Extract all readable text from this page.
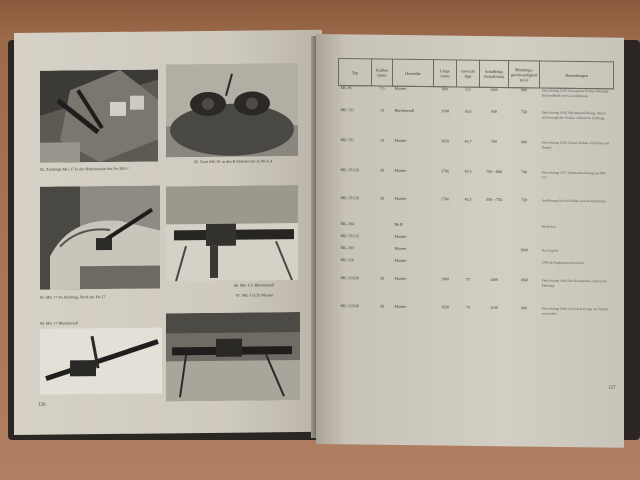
82. Zwillings-MG 17 in der Bodenwanne der Fw 200 C
83. Zwei MG 81 in den B-Ständen der Ju 88 A-4
85. MG 17 im Drehring, Heck der Do 17
86. MG 151 Rheinmetall
87. MG 151/20 Mauser
84. MG 17 Rheinmetall
126
127
Typ	Kaliber (mm)	Hersteller	Länge (mm)	Gewicht (kg)	Schußfolge (Schuß/min)	Mündungs-geschwindigkeit (m/s)	Bemerkungen
MG 81	7,9	Mauser	900	6,5	1600	800	Entwicklung 1938, Bewegliche Einbau-lafettung, Rückstoßlader mit Gurtzuführung.
MG 131	13	Rheinmetall	1168	16,6	930	750	Entwicklung 1938, Rheinmetall-Borsig. Starrer und beweglicher Einbau, elektrische Zündung.
MG 151	15	Mauser	1916	42,7	700	960	Entwicklung 1935, Starrer Einbau in Flächen und Rumpf.
MG 151/20	20	Mauser	1766	42,5	750—800	790	Entwicklung 1937, Weiterentwicklung aus MG 151.
MG 151/20	20	Mauser	1766	42,5	550—750	720	Ausführung für den Einbau in Schwenklafetten.
MG 204		Rh B					Kleinserie.
MG 151/15		Mauser					
MG 203		Mauser				1000	Nur Projekt.
MG 210		Mauser					1943 als Ergänzung entwickelt.
MG 213/20	20	Mauser	1900	75	1400	1060	Entwicklung 1944, Revolverkanone, elektrische Zündung.
MG 213/30	30	Mauser	1630	75	1100	960	Entwicklung 1944. Nach dem Kriege als Vorbild verwendet.
